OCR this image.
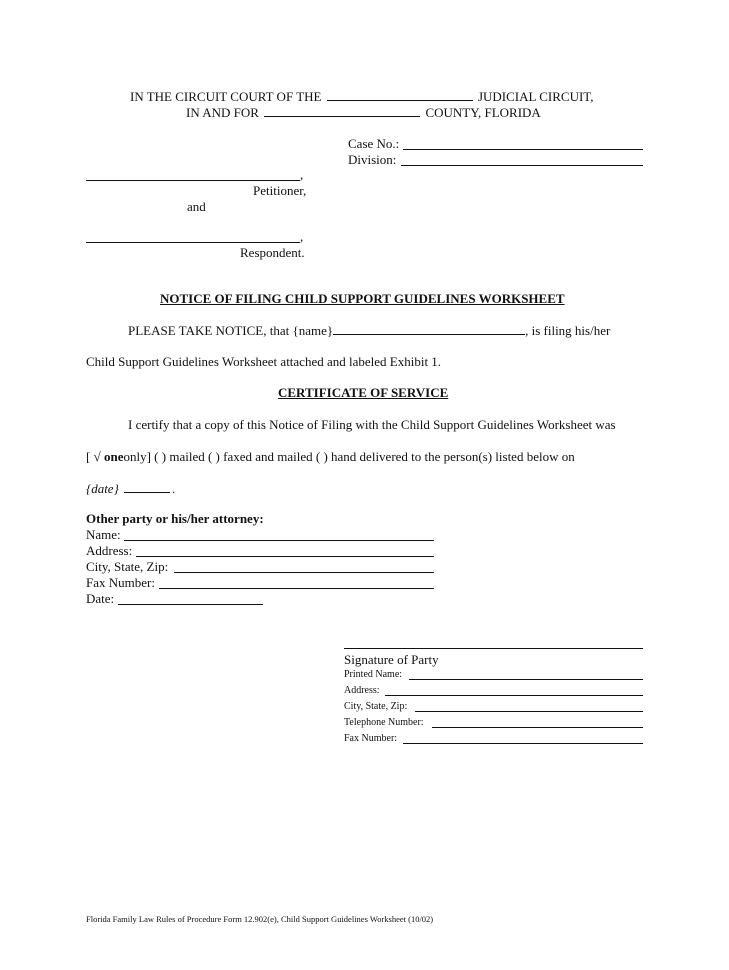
IN THE CIRCUIT COURT OF THE	JUDICIAL CIRCUIT,
IN AND FOR	COUNTY, FLORIDA
Case No.:
Division:
,
Petitioner,
and
,
Respondent.
NOTICE OF FILING CHILD SUPPORT GUIDELINES WORKSHEET
PLEASE TAKE NOTICE, that {name}	, is filing his/her
Child Support Guidelines Worksheet attached and labeled Exhibit 1.
CERTIFICATE OF SERVICE
I certify that a copy of this Notice of Filing with the Child Support Guidelines Worksheet was
[ √ oneonly] ( ) mailed ( ) faxed and mailed ( ) hand delivered to the person(s) listed below on
{date}	.
Other party or his/her attorney:
Name:
Address:
City, State, Zip:
Fax Number:
Date:
Signature of Party
Printed Name:
Address:
City, State, Zip:
Telephone Number:
Fax Number:
Florida Family Law Rules of Procedure Form 12.902(e), Child Support Guidelines Worksheet (10/02)
